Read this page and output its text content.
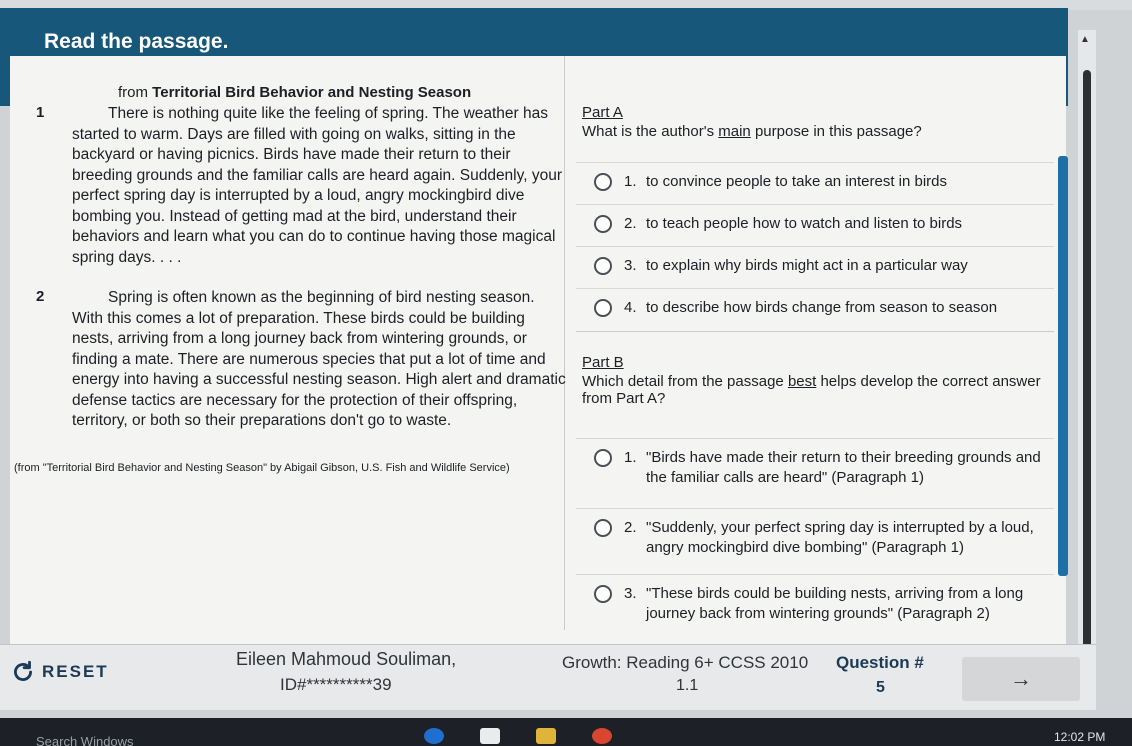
Read the passage.
from Territorial Bird Behavior and Nesting Season
1	There is nothing quite like the feeling of spring. The weather has started to warm. Days are filled with going on walks, sitting in the backyard or having picnics. Birds have made their return to their breeding grounds and the familiar calls are heard again. Suddenly, your perfect spring day is interrupted by a loud, angry mockingbird dive bombing you. Instead of getting mad at the bird, understand their behaviors and learn what you can do to continue having those magical spring days. . . .
2	Spring is often known as the beginning of bird nesting season. With this comes a lot of preparation. These birds could be building nests, arriving from a long journey back from wintering grounds, or finding a mate. There are numerous species that put a lot of time and energy into having a successful nesting season. High alert and dramatic defense tactics are necessary for the protection of their offspring, territory, or both so their preparations don't go to waste.
(from "Territorial Bird Behavior and Nesting Season" by Abigail Gibson, U.S. Fish and Wildlife Service)
Part A
What is the author's main purpose in this passage?
1. to convince people to take an interest in birds
2. to teach people how to watch and listen to birds
3. to explain why birds might act in a particular way
4. to describe how birds change from season to season
Part B
Which detail from the passage best helps develop the correct answer from Part A?
1. "Birds have made their return to their breeding grounds and the familiar calls are heard" (Paragraph 1)
2. "Suddenly, your perfect spring day is interrupted by a loud, angry mockingbird dive bombing" (Paragraph 1)
3. "These birds could be building nests, arriving from a long journey back from wintering grounds" (Paragraph 2)
▲
RESET
Eileen Mahmoud Souliman,
ID#**********39
Growth: Reading 6+ CCSS 2010
1.1
Question #
5	→
Search Windows	12:02 PM
